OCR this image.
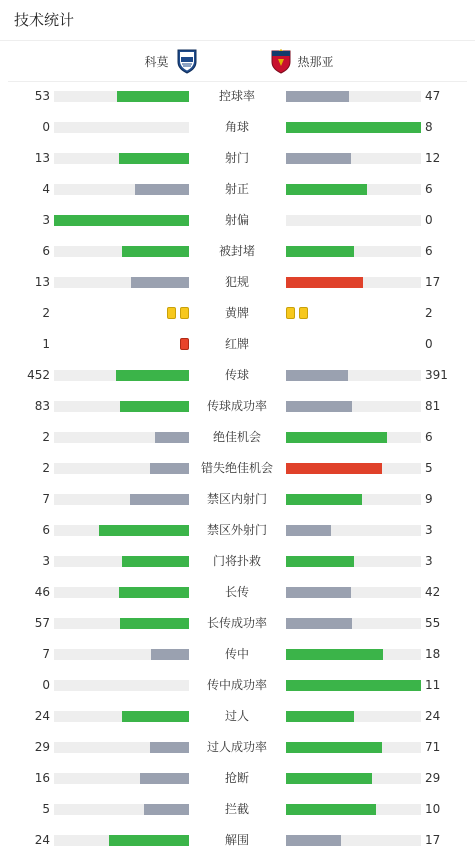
技术统计
科莫	热那亚
53	控球率	47
0	角球	8
13	射门	12
4	射正	6
3	射偏	0
6	被封堵	6
13	犯规	17
2	黄牌	2
1	红牌	0
452	传球	391
83	传球成功率	81
2	绝佳机会	6
2	错失绝佳机会	5
7	禁区内射门	9
6	禁区外射门	3
3	门将扑救	3
46	长传	42
57	长传成功率	55
7	传中	18
0	传中成功率	11
24	过人	24
29	过人成功率	71
16	抢断	29
5	拦截	10
24	解围	17
